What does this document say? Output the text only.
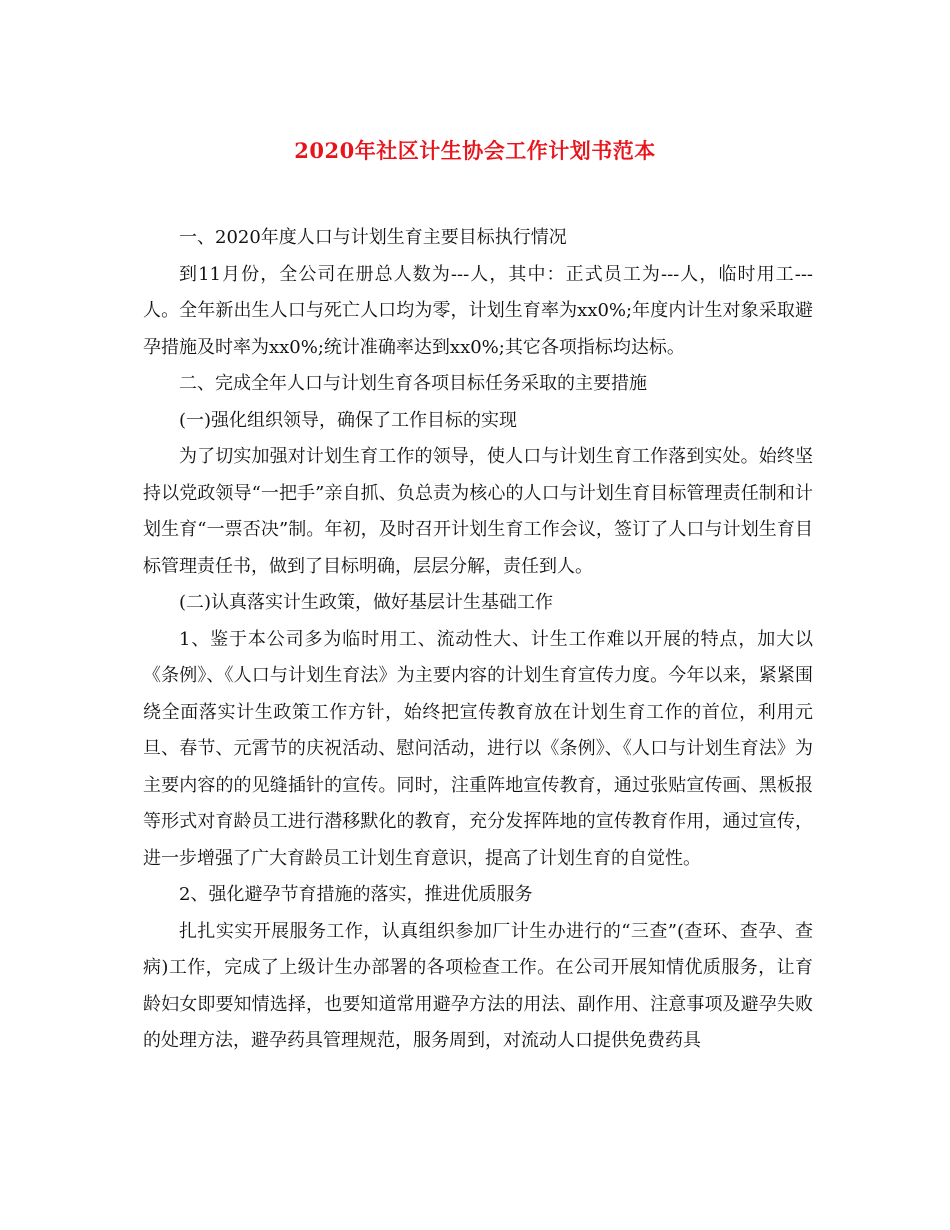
2020年社区计生协会工作计划书范本

一、2020年度人口与计划生育主要目标执行情况

到11月份，全公司在册总人数为---人，其中：正式员工为---人，临时用工---人。全年新出生人口与死亡人口均为零，计划生育率为xx0%;年度内计生对象采取避孕措施及时率为xx0%;统计准确率达到xx0%;其它各项指标均达标。

二、完成全年人口与计划生育各项目标任务采取的主要措施

(一)强化组织领导，确保了工作目标的实现

为了切实加强对计划生育工作的领导，使人口与计划生育工作落到实处。始终坚持以党政领导“一把手”亲自抓、负总责为核心的人口与计划生育目标管理责任制和计划生育“一票否决”制。年初，及时召开计划生育工作会议，签订了人口与计划生育目标管理责任书，做到了目标明确，层层分解，责任到人。

(二)认真落实计生政策，做好基层计生基础工作

1、鉴于本公司多为临时用工、流动性大、计生工作难以开展的特点，加大以《条例》、《人口与计划生育法》为主要内容的计划生育宣传力度。今年以来，紧紧围绕全面落实计生政策工作方针，始终把宣传教育放在计划生育工作的首位，利用元旦、春节、元霄节的庆祝活动、慰问活动，进行以《条例》、《人口与计划生育法》为主要内容的的见缝插针的宣传。同时，注重阵地宣传教育，通过张贴宣传画、黑板报等形式对育龄员工进行潜移默化的教育，充分发挥阵地的宣传教育作用，通过宣传，进一步增强了广大育龄员工计划生育意识，提高了计划生育的自觉性。

2、强化避孕节育措施的落实，推进优质服务

扎扎实实开展服务工作，认真组织参加厂计生办进行的“三查”(查环、查孕、查病)工作，完成了上级计生办部署的各项检查工作。在公司开展知情优质服务，让育龄妇女即要知情选择，也要知道常用避孕方法的用法、副作用、注意事项及避孕失败的处理方法，避孕药具管理规范，服务周到，对流动人口提供免费药具
